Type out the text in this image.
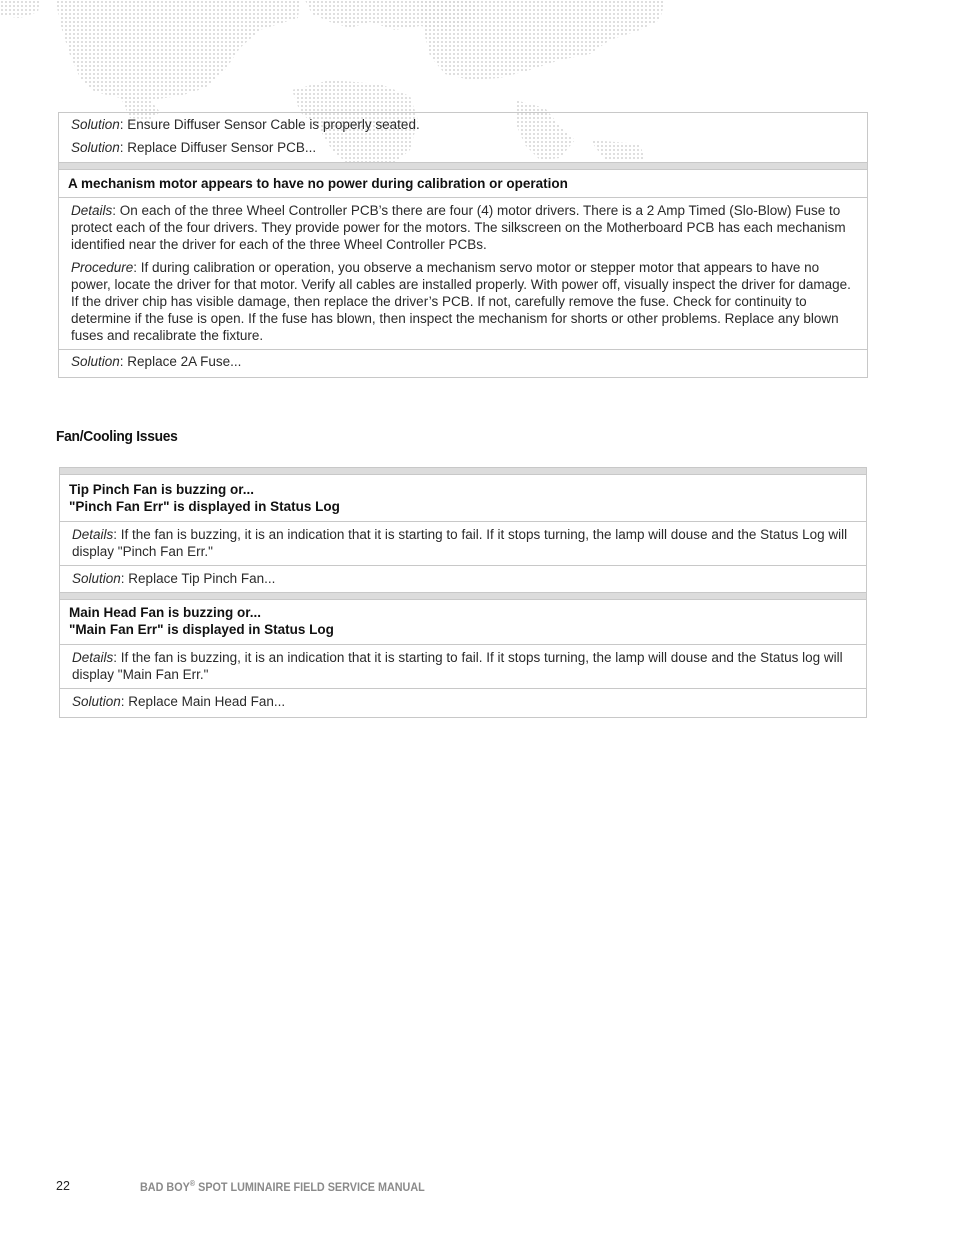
Solution: Ensure Diffuser Sensor Cable is properly seated.
Solution: Replace Diffuser Sensor PCB...
A mechanism motor appears to have no power during calibration or operation
Details: On each of the three Wheel Controller PCB’s there are four (4) motor drivers. There is a 2 Amp Timed (Slo-Blow) Fuse to protect each of the four drivers. They provide power for the motors. The silkscreen on the Motherboard PCB has each mechanism identified near the driver for each of the three Wheel Controller PCBs.
Procedure: If during calibration or operation, you observe a mechanism servo motor or stepper motor that appears to have no power, locate the driver for that motor. Verify all cables are installed properly. With power off, visually inspect the driver for damage. If the driver chip has visible damage, then replace the driver’s PCB. If not, carefully remove the fuse. Check for continuity to determine if the fuse is open. If the fuse has blown, then inspect the mechanism for shorts or other problems. Replace any blown fuses and recalibrate the fixture.
Solution: Replace 2A Fuse...
Fan/Cooling Issues
Tip Pinch Fan is buzzing or...
"Pinch Fan Err" is displayed in Status Log
Details: If the fan is buzzing, it is an indication that it is starting to fail. If it stops turning, the lamp will douse and the Status Log will display "Pinch Fan Err."
Solution: Replace Tip Pinch Fan...
Main Head Fan is buzzing or...
"Main Fan Err" is displayed in Status Log
Details: If the fan is buzzing, it is an indication that it is starting to fail. If it stops turning, the lamp will douse and the Status log will display "Main Fan Err."
Solution: Replace Main Head Fan...
22	BAD BOY® SPOT LUMINAIRE FIELD SERVICE MANUAL
